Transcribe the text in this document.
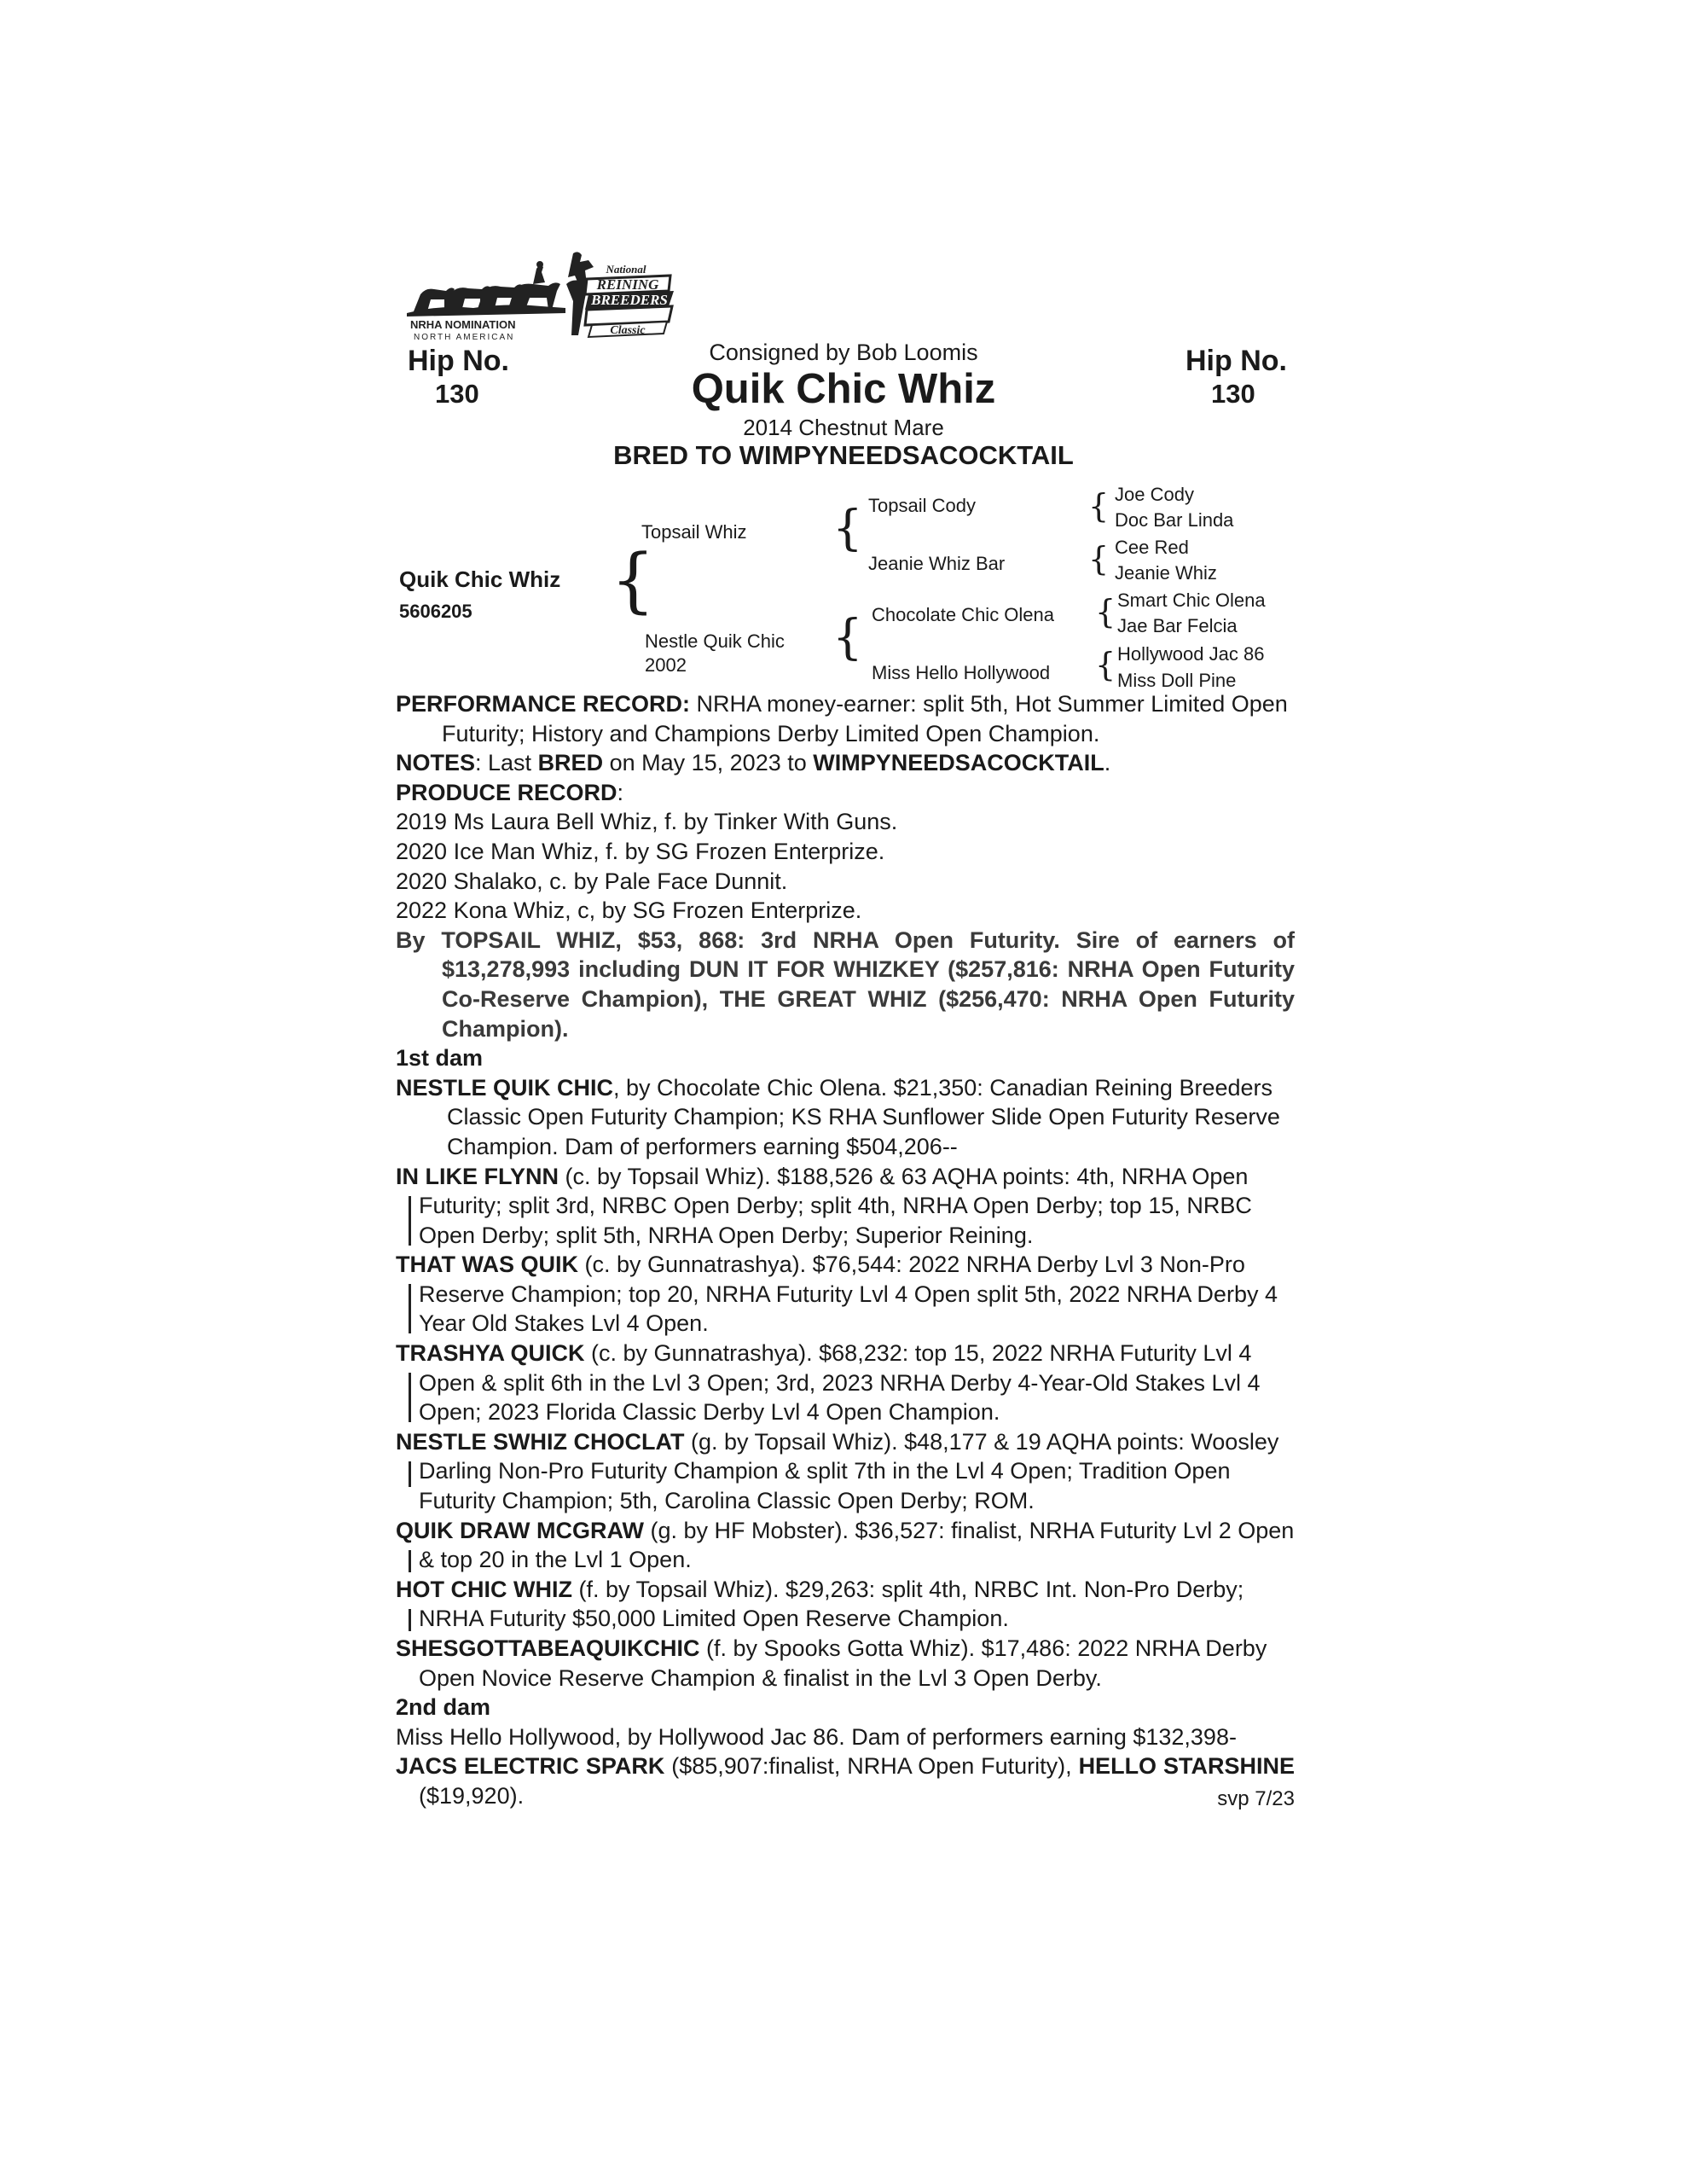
NRHA NOMINATION
NORTH AMERICAN
National
REINING
BREEDERS
Classic
Hip No.
130
Hip No.
130
Consigned by Bob Loomis
Quik Chic Whiz
2014 Chestnut Mare
BRED TO WIMPYNEEDSACOCKTAIL
Quik Chic Whiz
5606205 {
Topsail Whiz
Nestle Quik Chic
2002
{
{
Topsail Cody
Jeanie Whiz Bar
Chocolate Chic Olena
Miss Hello Hollywood
{
{
{
{
Joe Cody
Doc Bar Linda
Cee Red
Jeanie Whiz
Smart Chic Olena
Jae Bar Felcia
Hollywood Jac 86
Miss Doll Pine

PERFORMANCE RECORD: NRHA money-earner: split 5th, Hot Summer Limited Open Futurity; History and Champions Derby Limited Open Champion.

NOTES: Last BRED on May 15, 2023 to WIMPYNEEDSACOCKTAIL.

PRODUCE RECORD:

2019 Ms Laura Bell Whiz, f. by Tinker With Guns.

2020 Ice Man Whiz, f. by SG Frozen Enterprize.

2020 Shalako, c. by Pale Face Dunnit.

2022 Kona Whiz, c, by SG Frozen Enterprize.

By TOPSAIL WHIZ, $53, 868: 3rd NRHA Open Futurity. Sire of earners of $13,278,993 including DUN IT FOR WHIZKEY ($257,816: NRHA Open Futurity Co-Reserve Champion), THE GREAT WHIZ ($256,470: NRHA Open Futurity Champion).

1st dam

NESTLE QUIK CHIC, by Chocolate Chic Olena. $21,350: Canadian Reining Breeders Classic Open Futurity Champion; KS RHA Sunflower Slide Open Futurity Reserve Champion. Dam of performers earning $504,206--

IN LIKE FLYNN (c. by Topsail Whiz). $188,526 & 63 AQHA points: 4th, NRHA Open Futurity; split 3rd, NRBC Open Derby; split 4th, NRHA Open Derby; top 15, NRBC Open Derby; split 5th, NRHA Open Derby; Superior Reining.

THAT WAS QUIK (c. by Gunnatrashya). $76,544: 2022 NRHA Derby Lvl 3 Non-Pro Reserve Champion; top 20, NRHA Futurity Lvl 4 Open split 5th, 2022 NRHA Derby 4 Year Old Stakes Lvl 4 Open.

TRASHYA QUICK (c. by Gunnatrashya). $68,232: top 15, 2022 NRHA Futurity Lvl 4 Open & split 6th in the Lvl 3 Open; 3rd, 2023 NRHA Derby 4-Year-Old Stakes Lvl 4 Open; 2023 Florida Classic Derby Lvl 4 Open Champion.

NESTLE SWHIZ CHOCLAT (g. by Topsail Whiz). $48,177 & 19 AQHA points: Woosley Darling Non-Pro Futurity Champion & split 7th in the Lvl 4 Open; Tradition Open Futurity Champion; 5th, Carolina Classic Open Derby; ROM.

QUIK DRAW MCGRAW (g. by HF Mobster). $36,527: finalist, NRHA Futurity Lvl 2 Open & top 20 in the Lvl 1 Open.

HOT CHIC WHIZ (f. by Topsail Whiz). $29,263: split 4th, NRBC Int. Non-Pro Derby; NRHA Futurity $50,000 Limited Open Reserve Champion.

SHESGOTTABEAQUIKCHIC (f. by Spooks Gotta Whiz). $17,486: 2022 NRHA Derby Open Novice Reserve Champion & finalist in the Lvl 3 Open Derby.

2nd dam

Miss Hello Hollywood, by Hollywood Jac 86. Dam of performers earning $132,398-

JACS ELECTRIC SPARK ($85,907:finalist, NRHA Open Futurity), HELLO STARSHINE ($19,920).	svp 7/23
